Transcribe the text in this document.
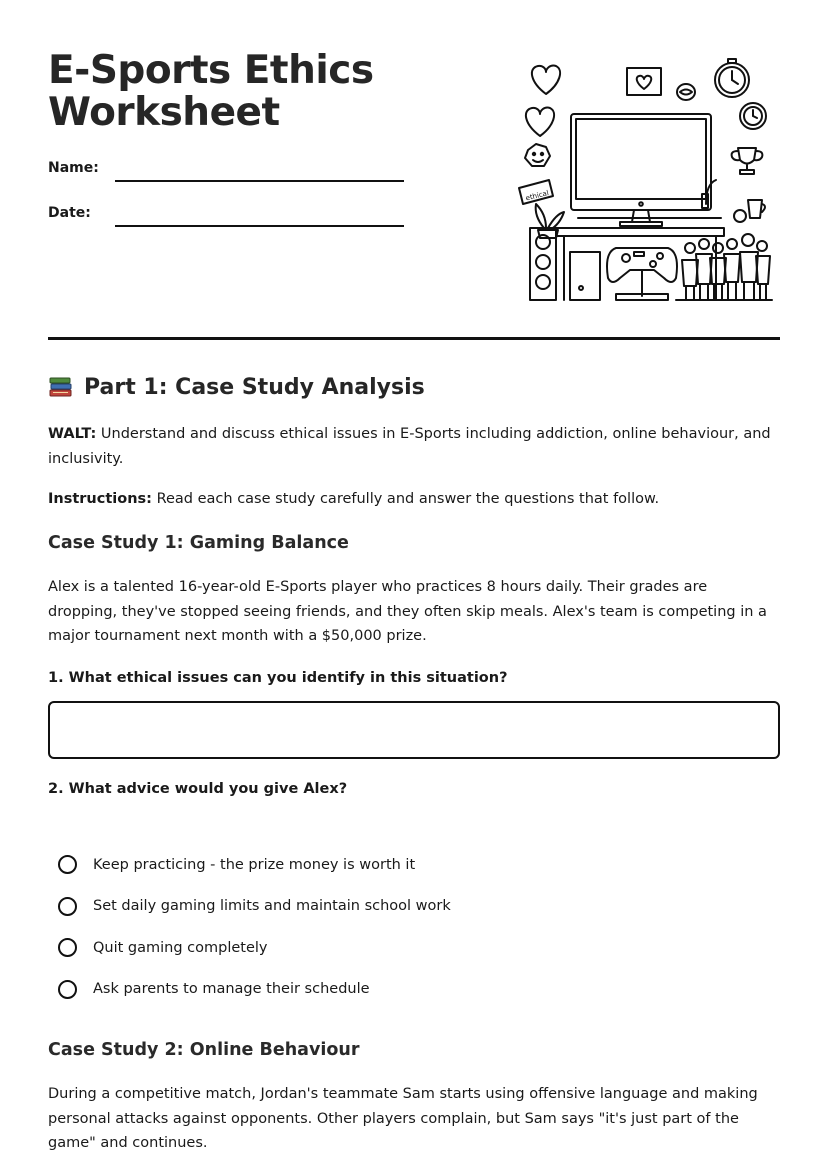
E-Sports Ethics
Worksheet
Name:
Date:
ethical
Part 1: Case Study Analysis

WALT: Understand and discuss ethical issues in E-Sports including addiction, online behaviour, and inclusivity.

Instructions: Read each case study carefully and answer the questions that follow.

Case Study 1: Gaming Balance

Alex is a talented 16-year-old E-Sports player who practices 8 hours daily. Their grades are dropping, they've stopped seeing friends, and they often skip meals. Alex's team is competing in a major tournament next month with a $50,000 prize.

1. What ethical issues can you identify in this situation?

2. What advice would you give Alex?

Keep practicing - the prize money is worth it
Set daily gaming limits and maintain school work
Quit gaming completely
Ask parents to manage their schedule
Case Study 2: Online Behaviour

During a competitive match, Jordan's teammate Sam starts using offensive language and making personal attacks against opponents. Other players complain, but Sam says "it's just part of the game" and continues.
